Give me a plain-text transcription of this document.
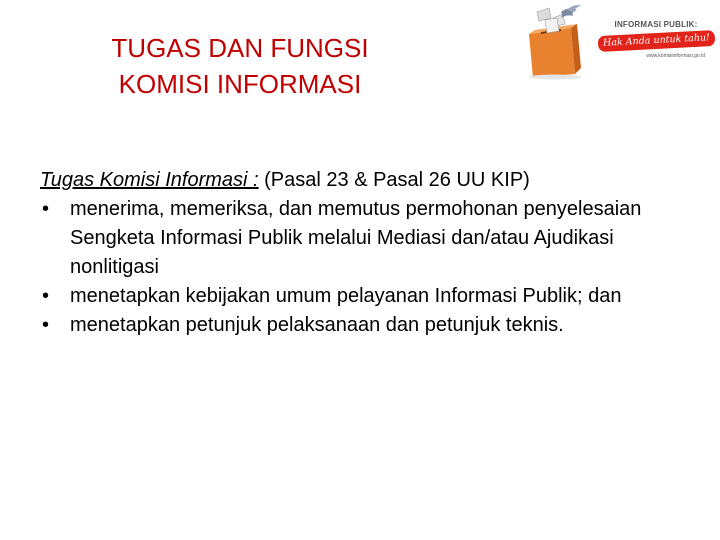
TUGAS DAN FUNGSI
KOMISI INFORMASI
INFORMASI PUBLIK:
Hak Anda untuk tahu!
www.komisiinformasi.go.id

Tugas Komisi Informasi : (Pasal 23 & Pasal 26 UU KIP)

• menerima, memeriksa, dan memutus permohonan penyelesaian Sengketa Informasi Publik melalui Mediasi dan/atau Ajudikasi nonlitigasi
• menetapkan kebijakan umum pelayanan Informasi Publik; dan
• menetapkan petunjuk pelaksanaan dan petunjuk teknis.
